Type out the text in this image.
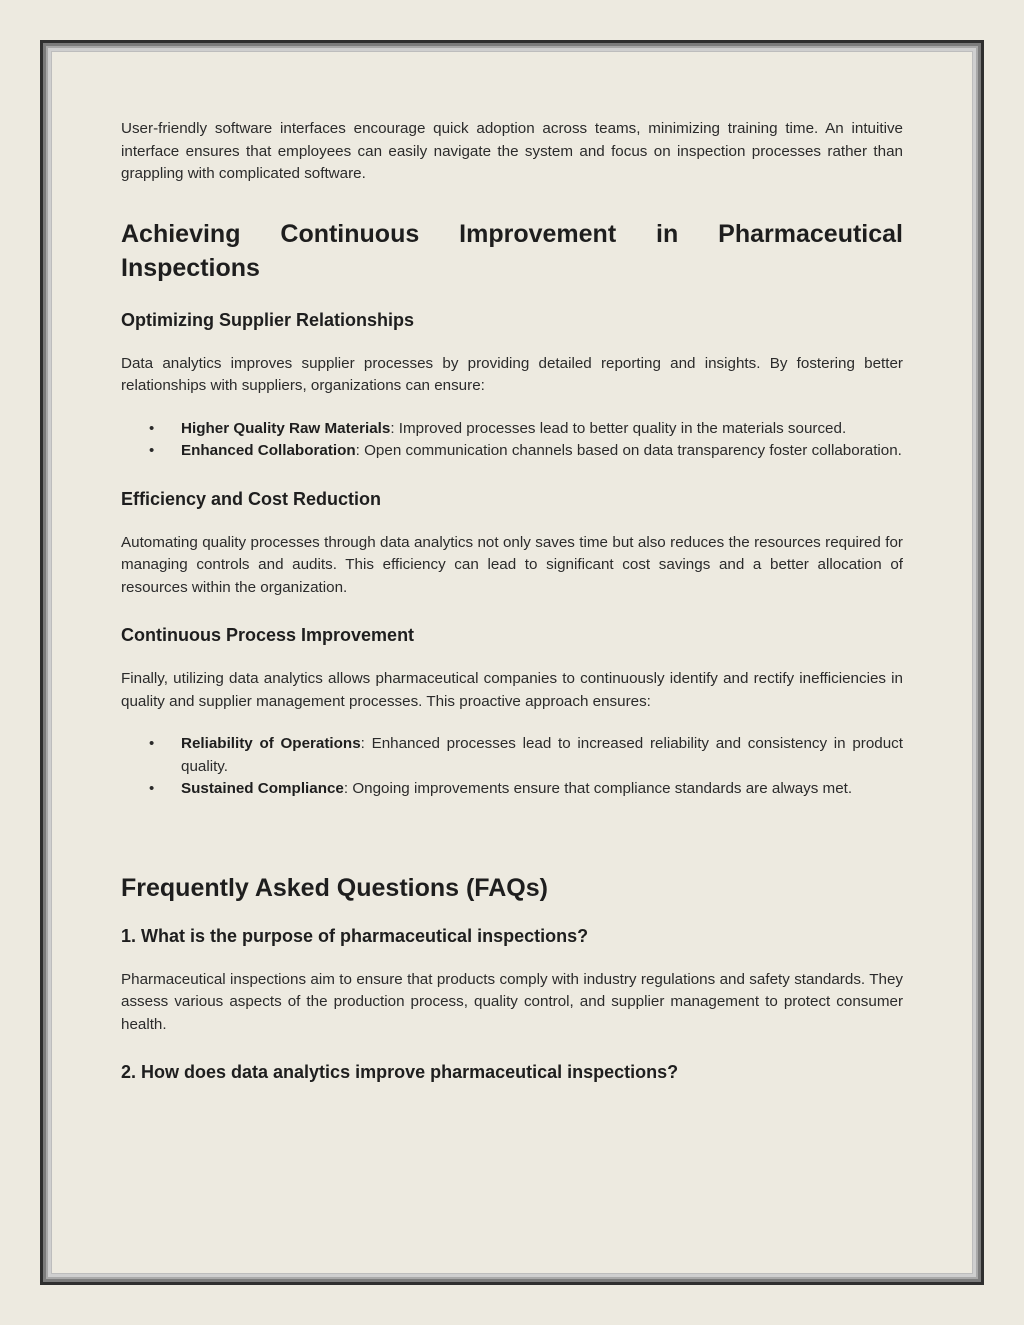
User-friendly software interfaces encourage quick adoption across teams, minimizing training time. An intuitive interface ensures that employees can easily navigate the system and focus on inspection processes rather than grappling with complicated software.

Achieving Continuous Improvement in Pharmaceutical
Inspections
Optimizing Supplier Relationships

Data analytics improves supplier processes by providing detailed reporting and insights. By fostering better relationships with suppliers, organizations can ensure:

• Higher Quality Raw Materials: Improved processes lead to better quality in the materials sourced.
• Enhanced Collaboration: Open communication channels based on data transparency foster collaboration.
Efficiency and Cost Reduction

Automating quality processes through data analytics not only saves time but also reduces the resources required for managing controls and audits. This efficiency can lead to significant cost savings and a better allocation of resources within the organization.

Continuous Process Improvement

Finally, utilizing data analytics allows pharmaceutical companies to continuously identify and rectify inefficiencies in quality and supplier management processes. This proactive approach ensures:

• Reliability of Operations: Enhanced processes lead to increased reliability and consistency in product quality.
• Sustained Compliance: Ongoing improvements ensure that compliance standards are always met.
Frequently Asked Questions (FAQs)
1. What is the purpose of pharmaceutical inspections?

Pharmaceutical inspections aim to ensure that products comply with industry regulations and safety standards. They assess various aspects of the production process, quality control, and supplier management to protect consumer health.

2. How does data analytics improve pharmaceutical inspections?
